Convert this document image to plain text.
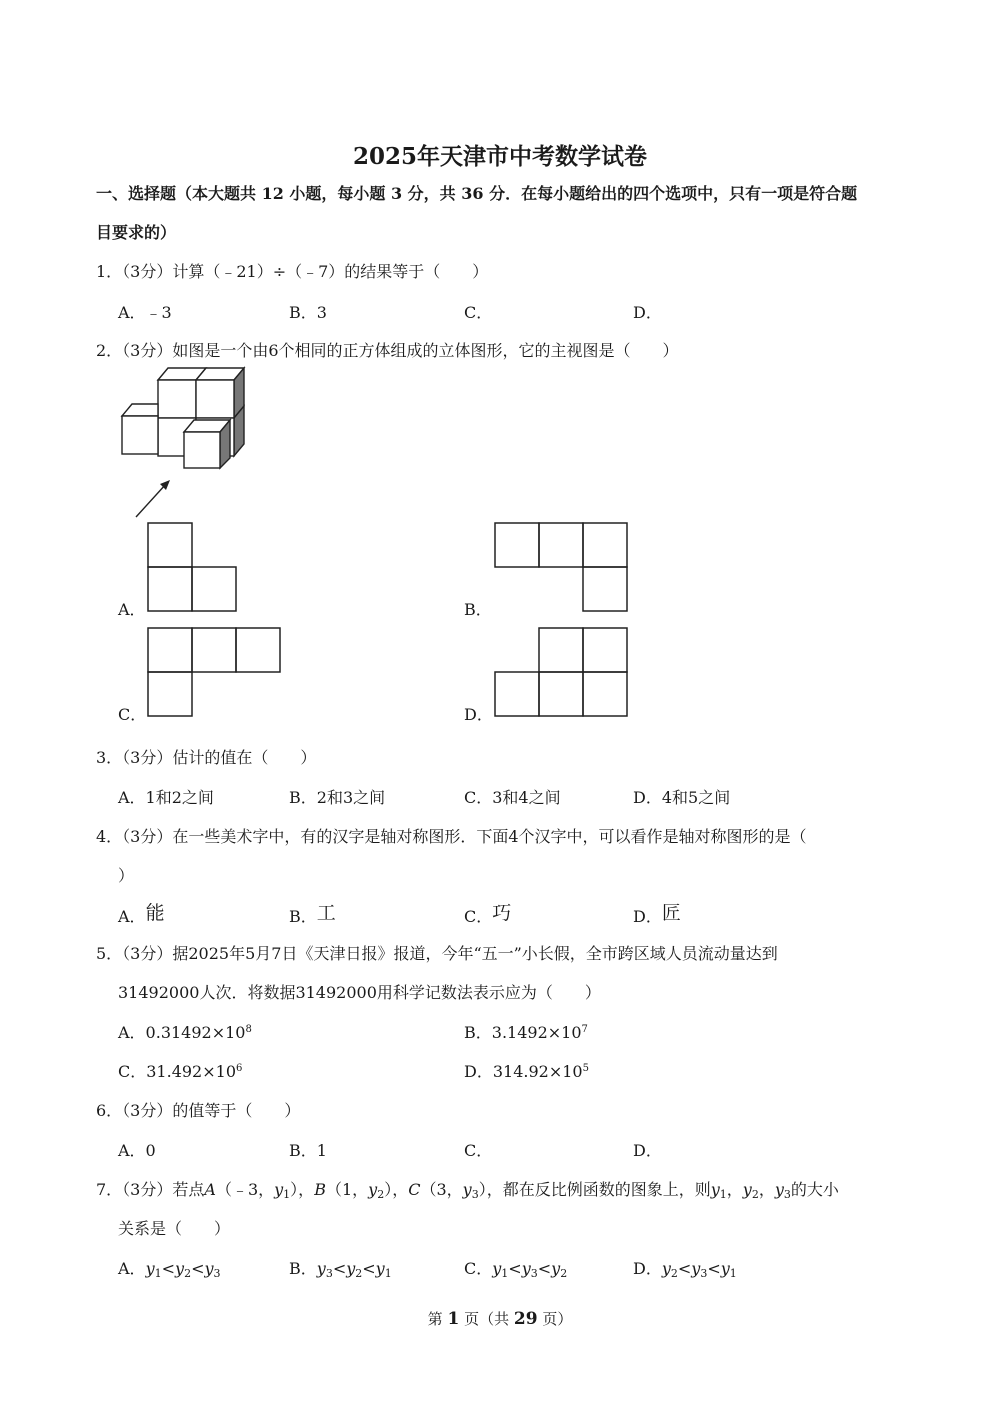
2025年天津市中考数学试卷
一、选择题（本大题共 12 小题，每小题 3 分，共 36 分．在每小题给出的四个选项中，只有一项是符合题
目要求的）
1．（3分）计算（﹣21）÷（﹣7）的结果等于（　　）
A．﹣3	B．3	C．	D．
2．（3分）如图是一个由6个相同的正方体组成的立体图形，它的主视图是（　　）
A．	B．
C．	D．
3．（3分）估计的值在（　　）
A．1和2之间	B．2和3之间	C．3和4之间	D．4和5之间
4．（3分）在一些美术字中，有的汉字是轴对称图形．下面4个汉字中，可以看作是轴对称图形的是（
）
A．能	B．工	C．巧	D．匠
5．（3分）据2025年5月7日《天津日报》报道，今年“五一”小长假，全市跨区域人员流动量达到
31492000人次．将数据31492000用科学记数法表示应为（　　）
A．$0.31492\times 10^8$	B．$3.1492\times 10^7$
C．$31.492\times 10^6$	D．$314.92\times 10^5$
6．（3分）的值等于（　　）
A．0	B．1	C．	D．
7．（3分）若点A（﹣3，$y_1$），B（1，$y_2$），C（3，$y_3$），都在反比例函数的图象上，则$y_1$，$y_2$，$y_3$的大小
关系是（　　）
A．$y_1<y_2<y_3$	B．$y_3<y_2<y_1$	C．$y_1<y_3<y_2$	D．$y_2<y_3<y_1$
第 1 页（共 29 页）
